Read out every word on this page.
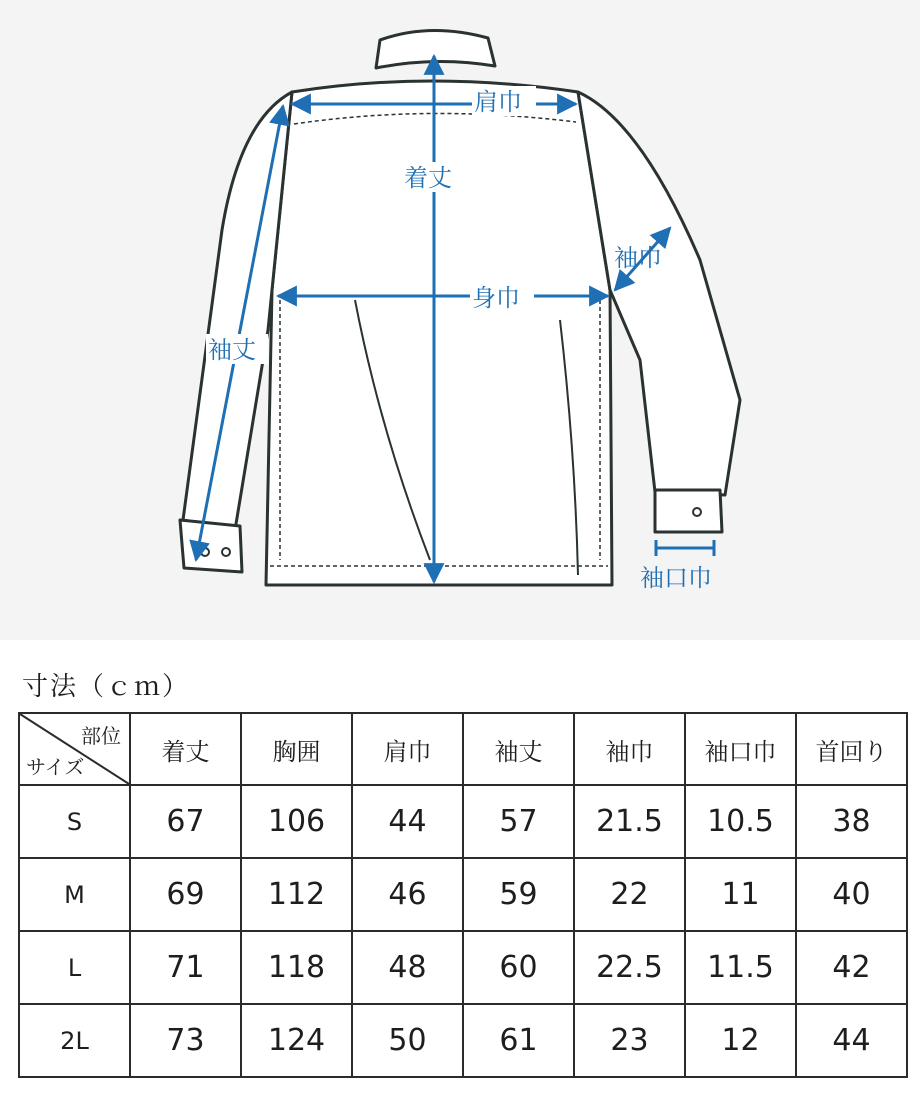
肩巾
着丈
身巾
袖巾
袖丈
袖口巾
寸法（ｃｍ）
部位
サイズ	着丈	胸囲	肩巾	袖丈	袖巾	袖口巾	首回り
S	67	106	44	57	21.5	10.5	38
M	69	112	46	59	22	11	40
L	71	118	48	60	22.5	11.5	42
2L	73	124	50	61	23	12	44
